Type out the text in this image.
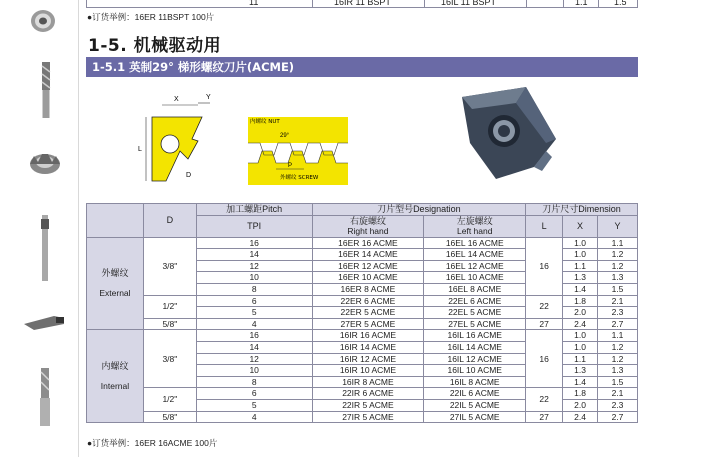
11	16IR 11 BSPT	16IL 11 BSPT	1.1	1.5
●订货举例：16ER 11BSPT 100片
1-5. 机械驱动用
1-5.1 英制29° 梯形螺纹刀片(ACME)
L
X	Y
D
内螺纹 NUT
29°
P
外螺纹 SCREW
	D	加工螺距Pitch	刀片型号Designation		刀片尺寸Dimension		
		TPI	右旋螺纹
Right hand	左旋螺纹
Left hand	L	X	Y

外螺纹
External	3/8"	16	16ER 16 ACME	16EL 16 ACME	16	1.0	1.1
		14	16ER 14 ACME	16EL 14 ACME		1.0	1.2
		12	16ER 12 ACME	16EL 12 ACME		1.1	1.2
		10	16ER 10 ACME	16EL 10 ACME		1.3	1.3
		8	16ER 8 ACME	16EL 8 ACME		1.4	1.5
	1/2"	6	22ER 6 ACME	22EL 6 ACME	22	1.8	2.1
		5	22ER 5 ACME	22EL 5 ACME		2.0	2.3
	5/8"	4	27ER 5 ACME	27EL 5 ACME	27	2.4	2.7

内螺纹
Internal	3/8"	16	16IR 16 ACME	16IL 16 ACME	16	1.0	1.1
		14	16IR 14 ACME	16IL 14 ACME		1.0	1.2
		12	16IR 12 ACME	16IL 12 ACME		1.1	1.2
		10	16IR 10 ACME	16IL 10 ACME		1.3	1.3
		8	16IR 8 ACME	16IL 8 ACME		1.4	1.5
	1/2"	6	22IR 6 ACME	22IL 6 ACME	22	1.8	2.1
		5	22IR 5 ACME	22IL 5 ACME		2.0	2.3
	5/8"	4	27IR 5 ACME	27IL 5 ACME	27	2.4	2.7
●订货举例：16ER 16ACME 100片
